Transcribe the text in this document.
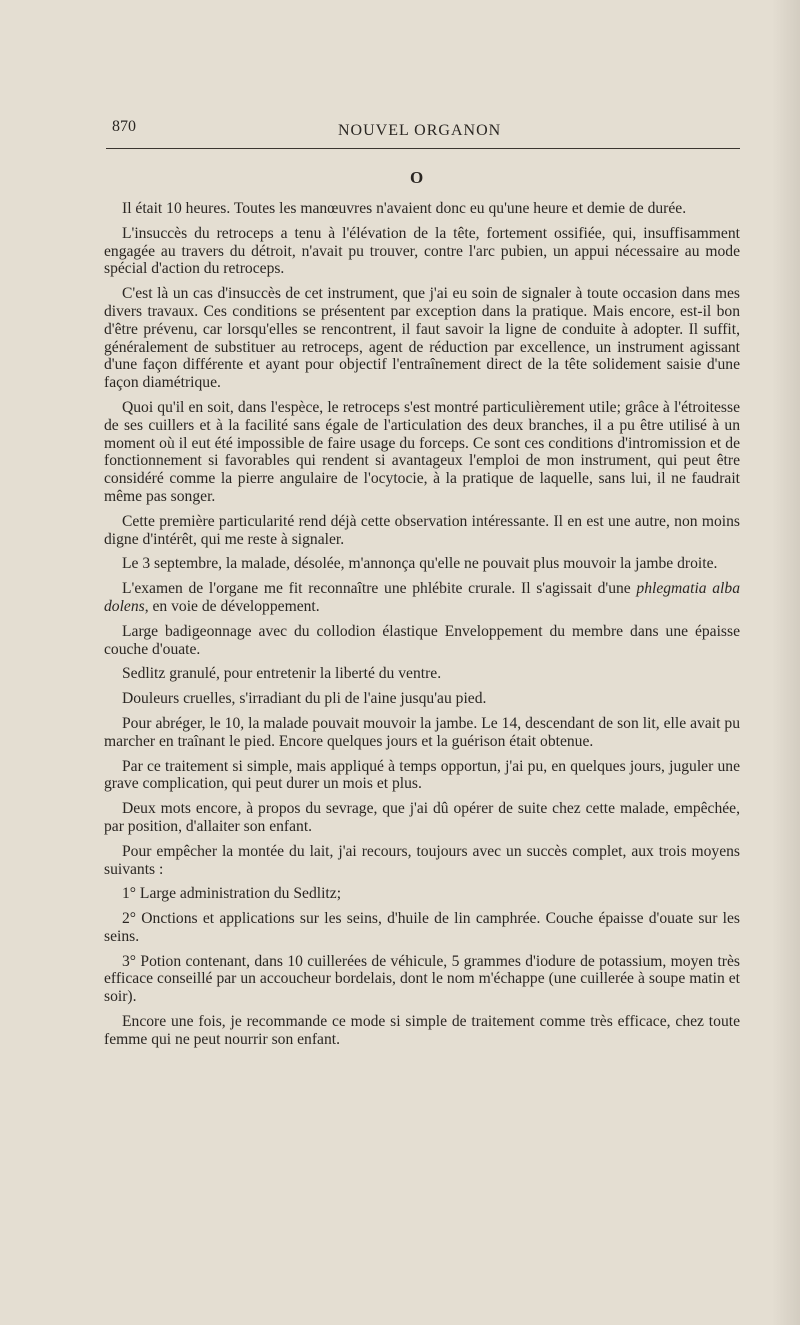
870	NOUVEL ORGANON
O

Il était 10 heures. Toutes les manœuvres n'avaient donc eu qu'une heure et demie de durée.

L'insuccès du retroceps a tenu à l'élévation de la tête, fortement ossifiée, qui, insuffisamment engagée au travers du détroit, n'avait pu trouver, contre l'arc pubien, un appui nécessaire au mode spécial d'action du retroceps.

C'est là un cas d'insuccès de cet instrument, que j'ai eu soin de signaler à toute occasion dans mes divers travaux. Ces conditions se présentent par exception dans la pratique. Mais encore, est-il bon d'être prévenu, car lorsqu'elles se rencontrent, il faut savoir la ligne de conduite à adopter. Il suffit, généralement de substituer au retroceps, agent de réduction par excellence, un instrument agissant d'une façon différente et ayant pour objectif l'entraînement direct de la tête solidement saisie d'une façon diamétrique.

Quoi qu'il en soit, dans l'espèce, le retroceps s'est montré particulièrement utile; grâce à l'étroitesse de ses cuillers et à la facilité sans égale de l'articulation des deux branches, il a pu être utilisé à un moment où il eut été impossible de faire usage du forceps. Ce sont ces conditions d'intromission et de fonctionnement si favorables qui rendent si avantageux l'emploi de mon instrument, qui peut être considéré comme la pierre angulaire de l'ocytocie, à la pratique de laquelle, sans lui, il ne faudrait même pas songer.

Cette première particularité rend déjà cette observation intéressante. Il en est une autre, non moins digne d'intérêt, qui me reste à signaler.

Le 3 septembre, la malade, désolée, m'annonça qu'elle ne pouvait plus mouvoir la jambe droite.

L'examen de l'organe me fit reconnaître une phlébite crurale. Il s'agissait d'une phlegmatia alba dolens, en voie de développement.

Large badigeonnage avec du collodion élastique Enveloppement du membre dans une épaisse couche d'ouate.

Sedlitz granulé, pour entretenir la liberté du ventre.

Douleurs cruelles, s'irradiant du pli de l'aine jusqu'au pied.

Pour abréger, le 10, la malade pouvait mouvoir la jambe. Le 14, descendant de son lit, elle avait pu marcher en traînant le pied. Encore quelques jours et la guérison était obtenue.

Par ce traitement si simple, mais appliqué à temps opportun, j'ai pu, en quelques jours, juguler une grave complication, qui peut durer un mois et plus.

Deux mots encore, à propos du sevrage, que j'ai dû opérer de suite chez cette malade, empêchée, par position, d'allaiter son enfant.

Pour empêcher la montée du lait, j'ai recours, toujours avec un succès complet, aux trois moyens suivants :

1° Large administration du Sedlitz;

2° Onctions et applications sur les seins, d'huile de lin camphrée. Couche épaisse d'ouate sur les seins.

3° Potion contenant, dans 10 cuillerées de véhicule, 5 grammes d'iodure de potassium, moyen très efficace conseillé par un accoucheur bordelais, dont le nom m'échappe (une cuillerée à soupe matin et soir).

Encore une fois, je recommande ce mode si simple de traitement comme très efficace, chez toute femme qui ne peut nourrir son enfant.
